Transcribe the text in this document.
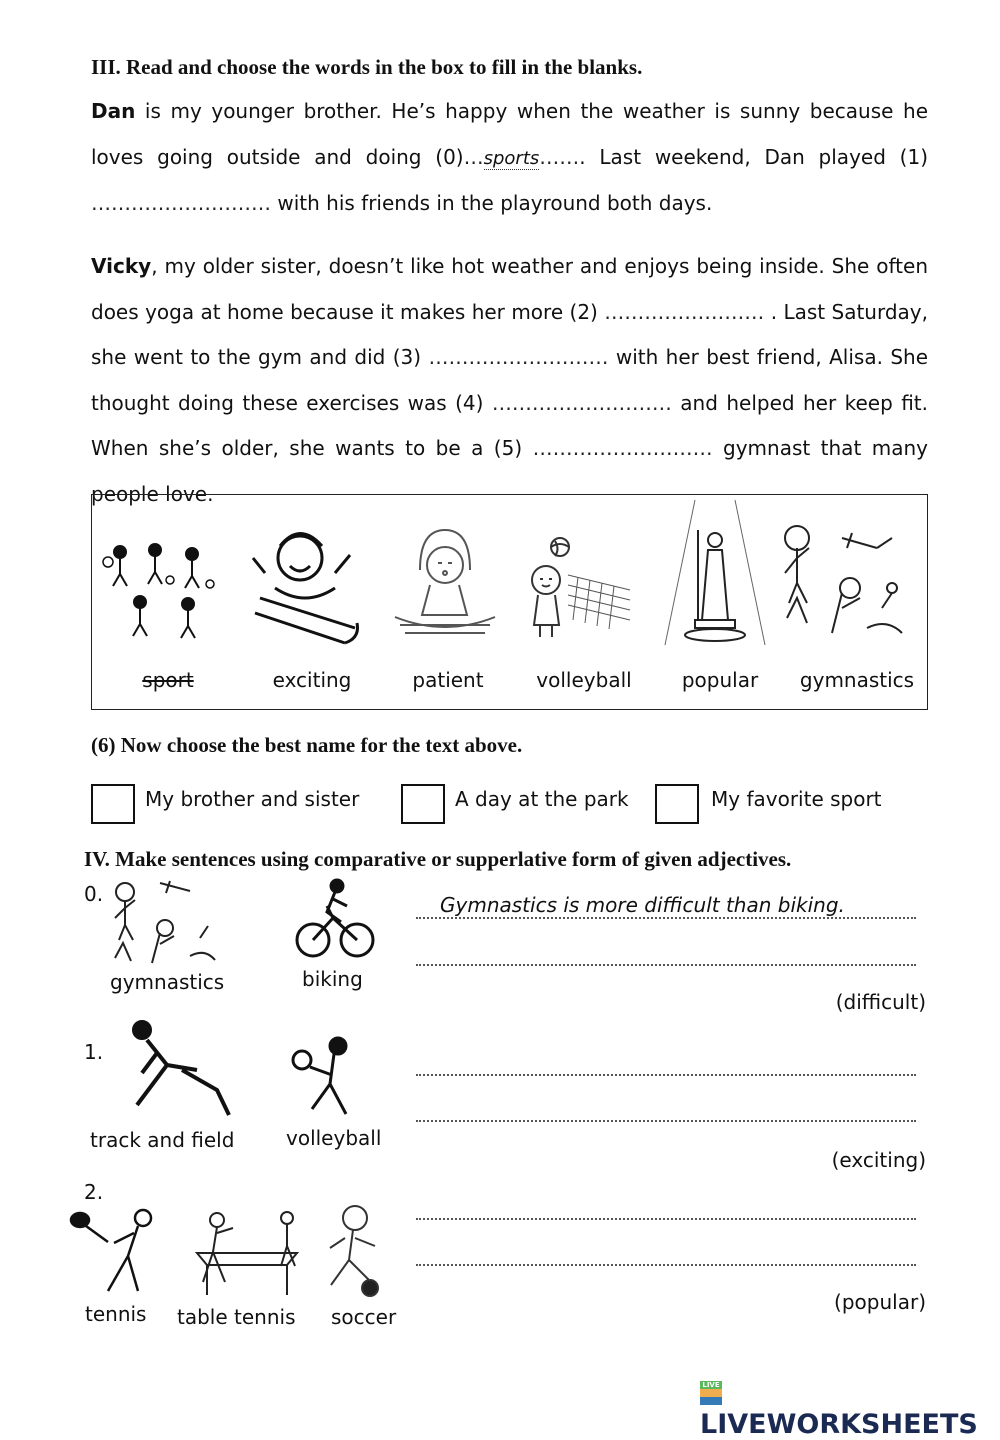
III. Read and choose the words in the box to fill in the blanks.

Dan is my younger brother. He’s happy when the weather is sunny because he loves going outside and doing (0)…sports……. Last weekend, Dan played (1) ……………………… with his friends in the playround both days.

Vicky, my older sister, doesn’t like hot weather and enjoys being inside. She often does yoga at home because it makes her more (2) …………………… . Last Saturday, she went to the gym and did (3) ……………………… with her best friend, Alisa. She thought doing these exercises was (4) ……………………… and helped her keep fit. When she’s older, she wants to be a (5) ……………………… gymnast that many people love.

sport	exciting	patient	volleyball	popular	gymnastics
(6) Now choose the best name for the text above.
My brother and sister	A day at the park	My favorite sport
IV. Make sentences using comparative or supperlative form of given adjectives.
0.
gymnastics	biking
Gymnastics is more difficult than biking.
(difficult)
1.
track and field	volleyball
(exciting)
2.
tennis table tennis soccer
(popular)
LIVELIVEWORKSHEETS
